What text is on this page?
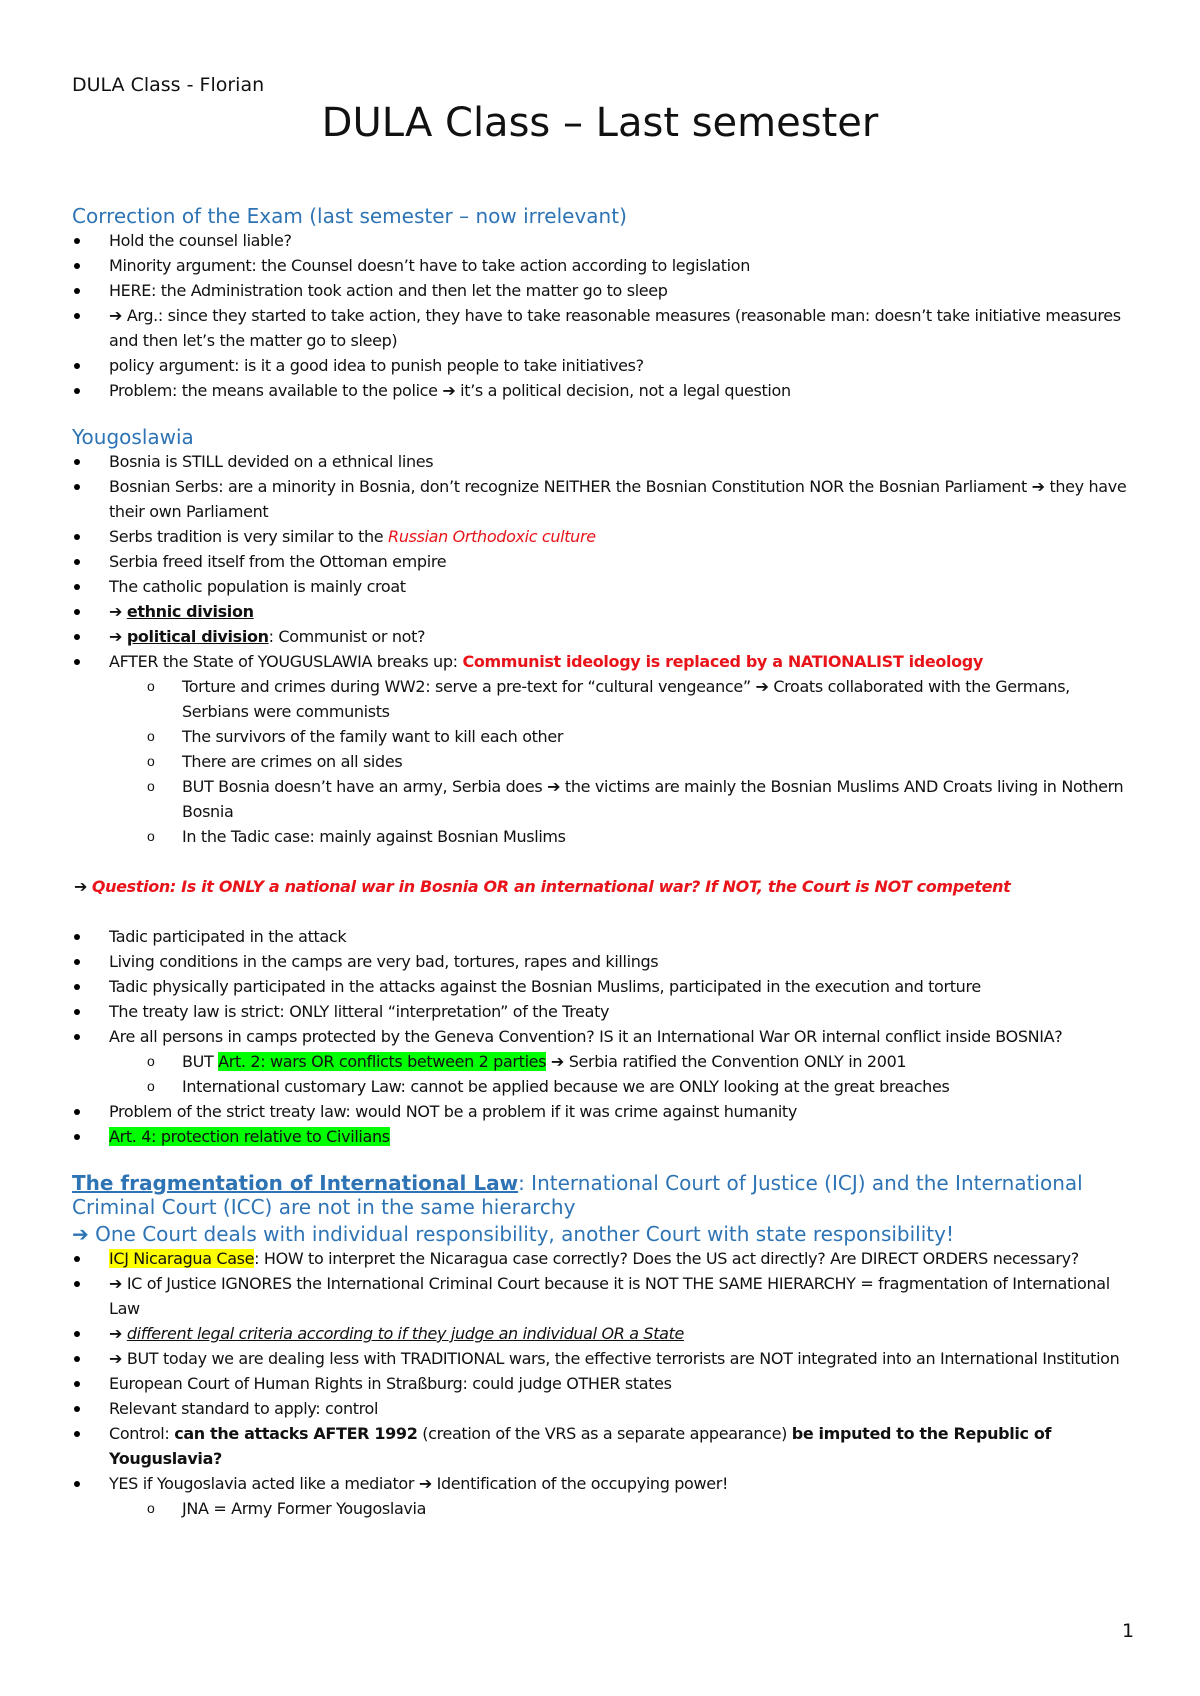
DULA Class - Florian
DULA Class – Last semester
Correction of the Exam (last semester – now irrelevant)
Hold the counsel liable?
Minority argument: the Counsel doesn’t have to take action according to legislation
HERE: the Administration took action and then let the matter go to sleep
➔ Arg.: since they started to take action, they have to take reasonable measures (reasonable man: doesn’t take initiative measures and then let’s the matter go to sleep)
policy argument: is it a good idea to punish people to take initiatives?
Problem: the means available to the police ➔ it’s a political decision, not a legal question
Yougoslawia
Bosnia is STILL devided on a ethnical lines
Bosnian Serbs: are a minority in Bosnia, don’t recognize NEITHER the Bosnian Constitution NOR the Bosnian Parliament ➔ they have their own Parliament
Serbs tradition is very similar to the Russian Orthodoxic culture
Serbia freed itself from the Ottoman empire
The catholic population is mainly croat
➔ ethnic division
➔ political division: Communist or not?
AFTER the State of YOUGUSLAWIA breaks up: Communist ideology is replaced by a NATIONALIST ideology
o Torture and crimes during WW2: serve a pre-text for “cultural vengeance” ➔ Croats collaborated with the Germans, Serbians were communists
o The survivors of the family want to kill each other
o There are crimes on all sides
o BUT Bosnia doesn’t have an army, Serbia does ➔ the victims are mainly the Bosnian Muslims AND Croats living in Nothern Bosnia
o In the Tadic case: mainly against Bosnian Muslims
➔ Question: Is it ONLY a national war in Bosnia OR an international war? If NOT, the Court is NOT competent
Tadic participated in the attack
Living conditions in the camps are very bad, tortures, rapes and killings
Tadic physically participated in the attacks against the Bosnian Muslims, participated in the execution and torture
The treaty law is strict: ONLY litteral “interpretation” of the Treaty
Are all persons in camps protected by the Geneva Convention? IS it an International War OR internal conflict inside BOSNIA?
o BUT Art. 2: wars OR conflicts between 2 parties ➔ Serbia ratified the Convention ONLY in 2001
o International customary Law: cannot be applied because we are ONLY looking at the great breaches
Problem of the strict treaty law: would NOT be a problem if it was crime against humanity
Art. 4: protection relative to Civilians
The fragmentation of International Law: International Court of Justice (ICJ) and the International Criminal Court (ICC) are not in the same hierarchy
➔ One Court deals with individual responsibility, another Court with state responsibility!
ICJ Nicaragua Case: HOW to interpret the Nicaragua case correctly? Does the US act directly? Are DIRECT ORDERS necessary?
➔ IC of Justice IGNORES the International Criminal Court because it is NOT THE SAME HIERARCHY = fragmentation of International Law
➔ different legal criteria according to if they judge an individual OR a State
➔ BUT today we are dealing less with TRADITIONAL wars, the effective terrorists are NOT integrated into an International Institution
European Court of Human Rights in Straßburg: could judge OTHER states
Relevant standard to apply: control
Control: can the attacks AFTER 1992 (creation of the VRS as a separate appearance) be imputed to the Republic of Youguslavia?
YES if Yougoslavia acted like a mediator ➔ Identification of the occupying power!
o JNA = Army Former Yougoslavia
1
